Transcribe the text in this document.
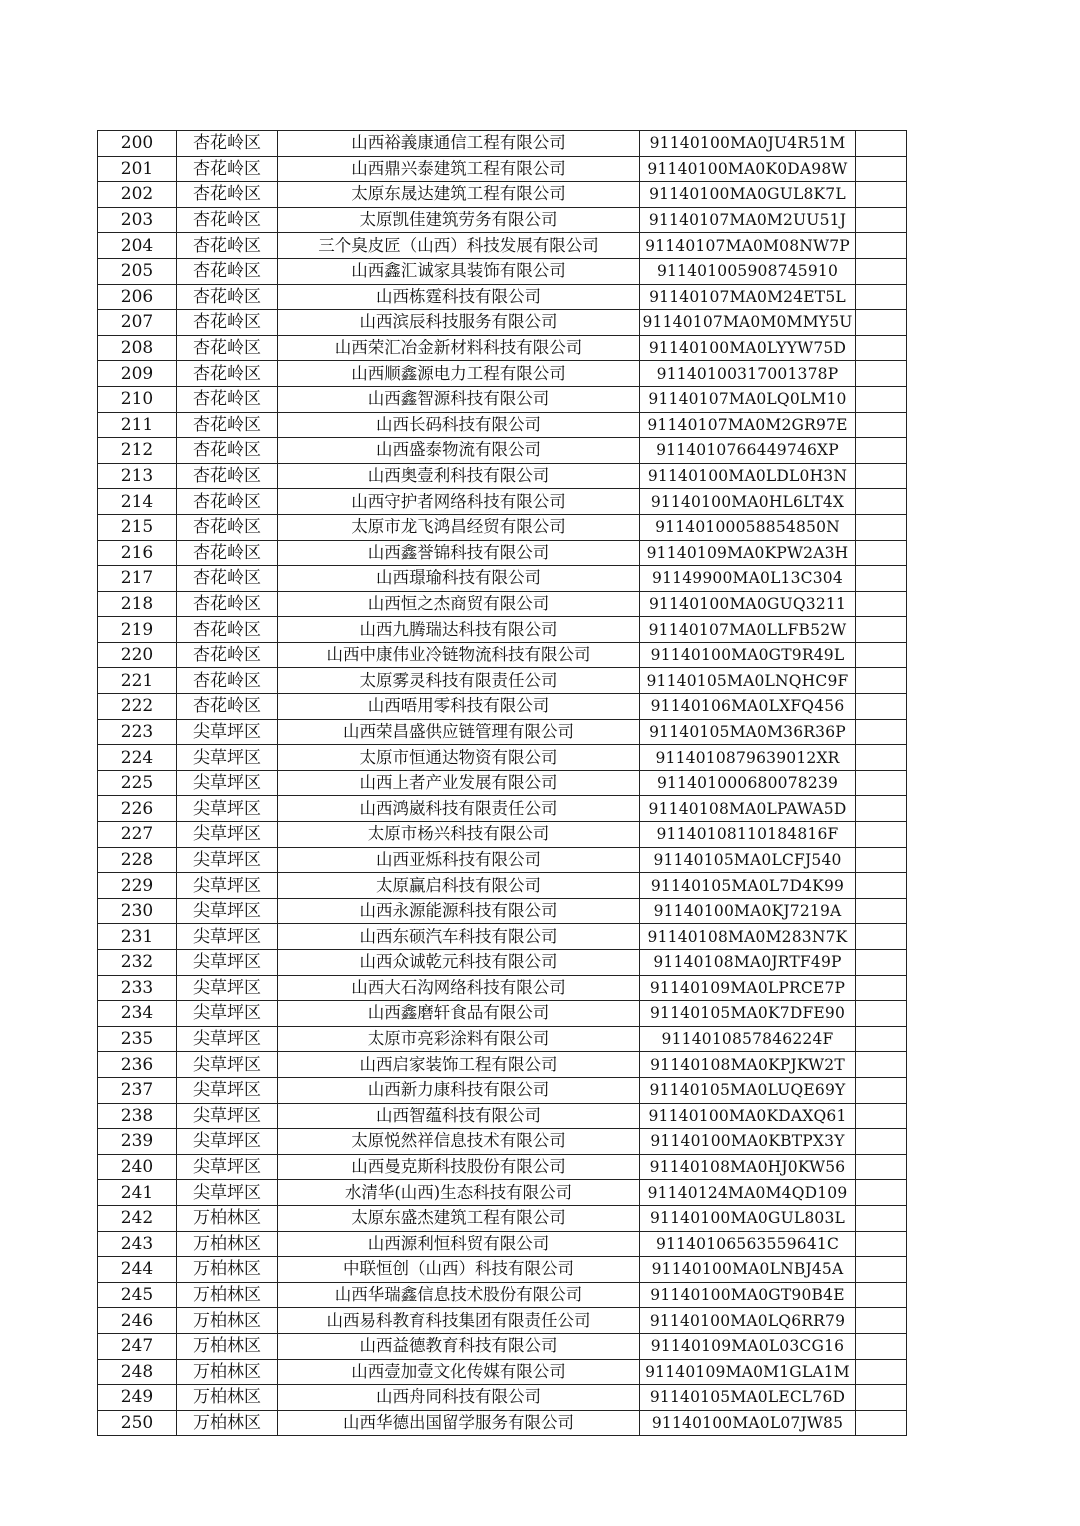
200	杏花岭区	山西裕義康通信工程有限公司	91140100MA0JU4R51M	
201	杏花岭区	山西鼎兴泰建筑工程有限公司	91140100MA0K0DA98W	
202	杏花岭区	太原东晟达建筑工程有限公司	91140100MA0GUL8K7L	
203	杏花岭区	太原凯佳建筑劳务有限公司	91140107MA0M2UU51J	
204	杏花岭区	三个臭皮匠（山西）科技发展有限公司	91140107MA0M08NW7P	
205	杏花岭区	山西鑫汇诚家具装饰有限公司	911401005908745910	
206	杏花岭区	山西栋霆科技有限公司	91140107MA0M24ET5L	
207	杏花岭区	山西滨辰科技服务有限公司	91140107MA0M0MMY5U	
208	杏花岭区	山西荣汇冶金新材料科技有限公司	91140100MA0LYYW75D	
209	杏花岭区	山西顺鑫源电力工程有限公司	91140100317001378P	
210	杏花岭区	山西鑫智源科技有限公司	91140107MA0LQ0LM10	
211	杏花岭区	山西长码科技有限公司	91140107MA0M2GR97E	
212	杏花岭区	山西盛泰物流有限公司	9114010766449746XP	
213	杏花岭区	山西奥壹利科技有限公司	91140100MA0LDL0H3N	
214	杏花岭区	山西守护者网络科技有限公司	91140100MA0HL6LT4X	
215	杏花岭区	太原市龙飞鸿昌经贸有限公司	91140100058854850N	
216	杏花岭区	山西鑫誉锦科技有限公司	91140109MA0KPW2A3H	
217	杏花岭区	山西璟瑜科技有限公司	91149900MA0L13C304	
218	杏花岭区	山西恒之杰商贸有限公司	91140100MA0GUQ3211	
219	杏花岭区	山西九腾瑞达科技有限公司	91140107MA0LLFB52W	
220	杏花岭区	山西中康伟业冷链物流科技有限公司	91140100MA0GT9R49L	
221	杏花岭区	太原雾灵科技有限责任公司	91140105MA0LNQHC9F	
222	杏花岭区	山西唔用零科技有限公司	91140106MA0LXFQ456	
223	尖草坪区	山西荣昌盛供应链管理有限公司	91140105MA0M36R36P	
224	尖草坪区	太原市恒通达物资有限公司	9114010879639012XR	
225	尖草坪区	山西上者产业发展有限公司	911401000680078239	
226	尖草坪区	山西鸿崴科技有限责任公司	91140108MA0LPAWA5D	
227	尖草坪区	太原市杨兴科技有限公司	91140108110184816F	
228	尖草坪区	山西亚烁科技有限公司	91140105MA0LCFJ540	
229	尖草坪区	太原赢启科技有限公司	91140105MA0L7D4K99	
230	尖草坪区	山西永源能源科技有限公司	91140100MA0KJ7219A	
231	尖草坪区	山西东硕汽车科技有限公司	91140108MA0M283N7K	
232	尖草坪区	山西众诚乾元科技有限公司	91140108MA0JRTF49P	
233	尖草坪区	山西大石沟网络科技有限公司	91140109MA0LPRCE7P	
234	尖草坪区	山西鑫磨轩食品有限公司	91140105MA0K7DFE90	
235	尖草坪区	太原市亮彩涂料有限公司	9114010857846224F	
236	尖草坪区	山西启家装饰工程有限公司	91140108MA0KPJKW2T	
237	尖草坪区	山西新力康科技有限公司	91140105MA0LUQE69Y	
238	尖草坪区	山西智蕴科技有限公司	91140100MA0KDAXQ61	
239	尖草坪区	太原悦然祥信息技术有限公司	91140100MA0KBTPX3Y	
240	尖草坪区	山西曼克斯科技股份有限公司	91140108MA0HJ0KW56	
241	尖草坪区	水清华(山西)生态科技有限公司	91140124MA0M4QD109	
242	万柏林区	太原东盛杰建筑工程有限公司	91140100MA0GUL803L	
243	万柏林区	山西源利恒科贸有限公司	91140106563559641C	
244	万柏林区	中联恒创（山西）科技有限公司	91140100MA0LNBJ45A	
245	万柏林区	山西华瑞鑫信息技术股份有限公司	91140100MA0GT90B4E	
246	万柏林区	山西易科教育科技集团有限责任公司	91140100MA0LQ6RR79	
247	万柏林区	山西益德教育科技有限公司	91140109MA0L03CG16	
248	万柏林区	山西壹加壹文化传媒有限公司	91140109MA0M1GLA1M	
249	万柏林区	山西舟同科技有限公司	91140105MA0LECL76D	
250	万柏林区	山西华德出国留学服务有限公司	91140100MA0L07JW85	
